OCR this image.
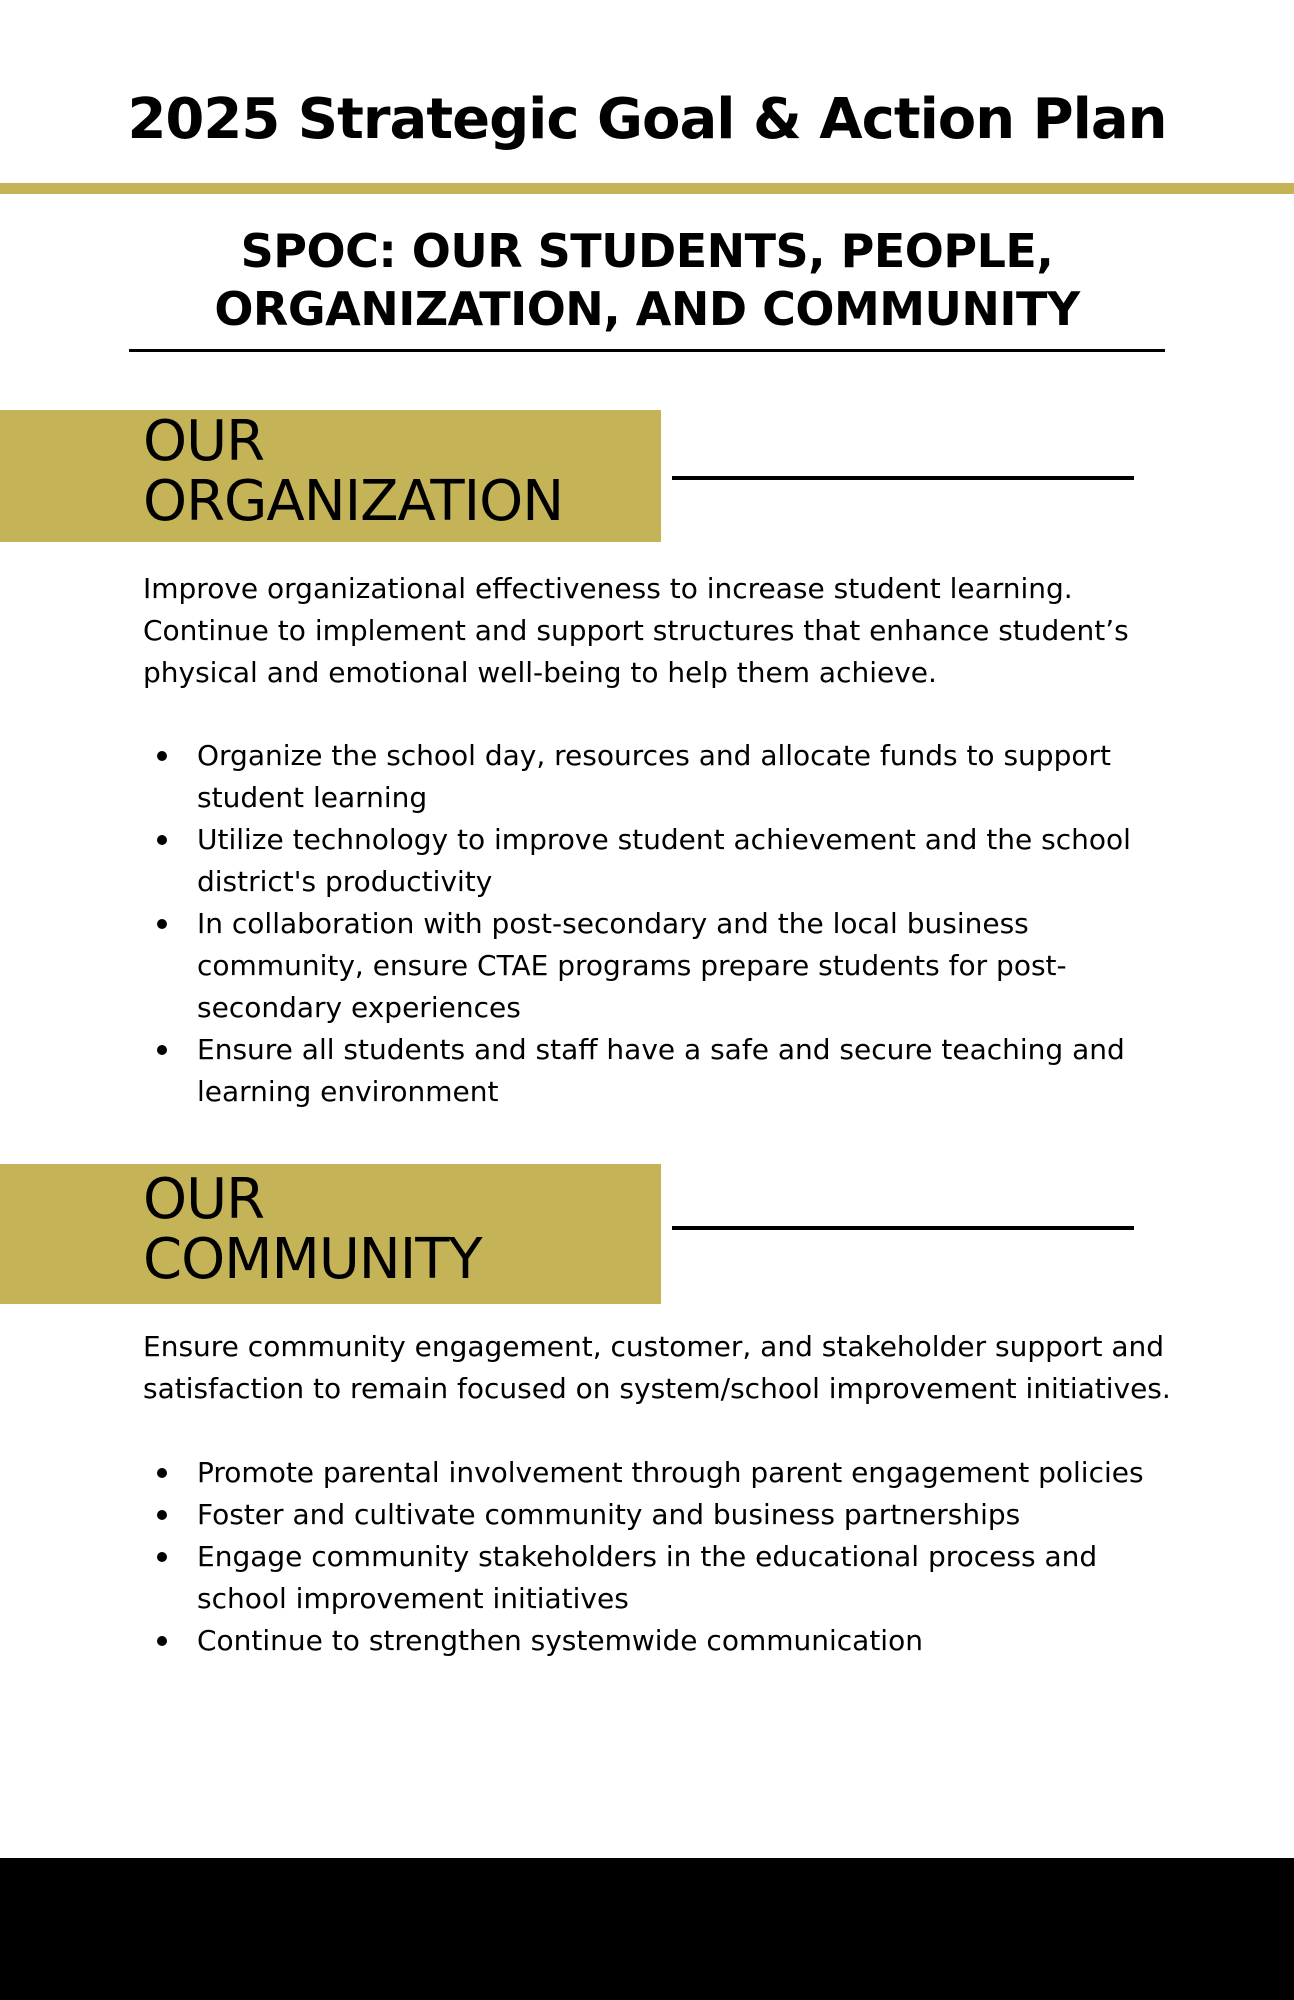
2025 Strategic Goal & Action Plan
SPOC: OUR STUDENTS, PEOPLE,
ORGANIZATION, AND COMMUNITY
OUR
ORGANIZATION

Improve organizational effectiveness to increase student learning.
Continue to implement and support structures that enhance student’s
physical and emotional well-being to help them achieve.

Organize the school day, resources and allocate funds to support
student learning
Utilize technology to improve student achievement and the school
district's productivity
In collaboration with post-secondary and the local business
community, ensure CTAE programs prepare students for post-
secondary experiences
Ensure all students and staff have a safe and secure teaching and
learning environment
OUR
COMMUNITY

Ensure community engagement, customer, and stakeholder support and
satisfaction to remain focused on system/school improvement initiatives.

Promote parental involvement through parent engagement policies
Foster and cultivate community and business partnerships
Engage community stakeholders in the educational process and
school improvement initiatives
Continue to strengthen systemwide communication
